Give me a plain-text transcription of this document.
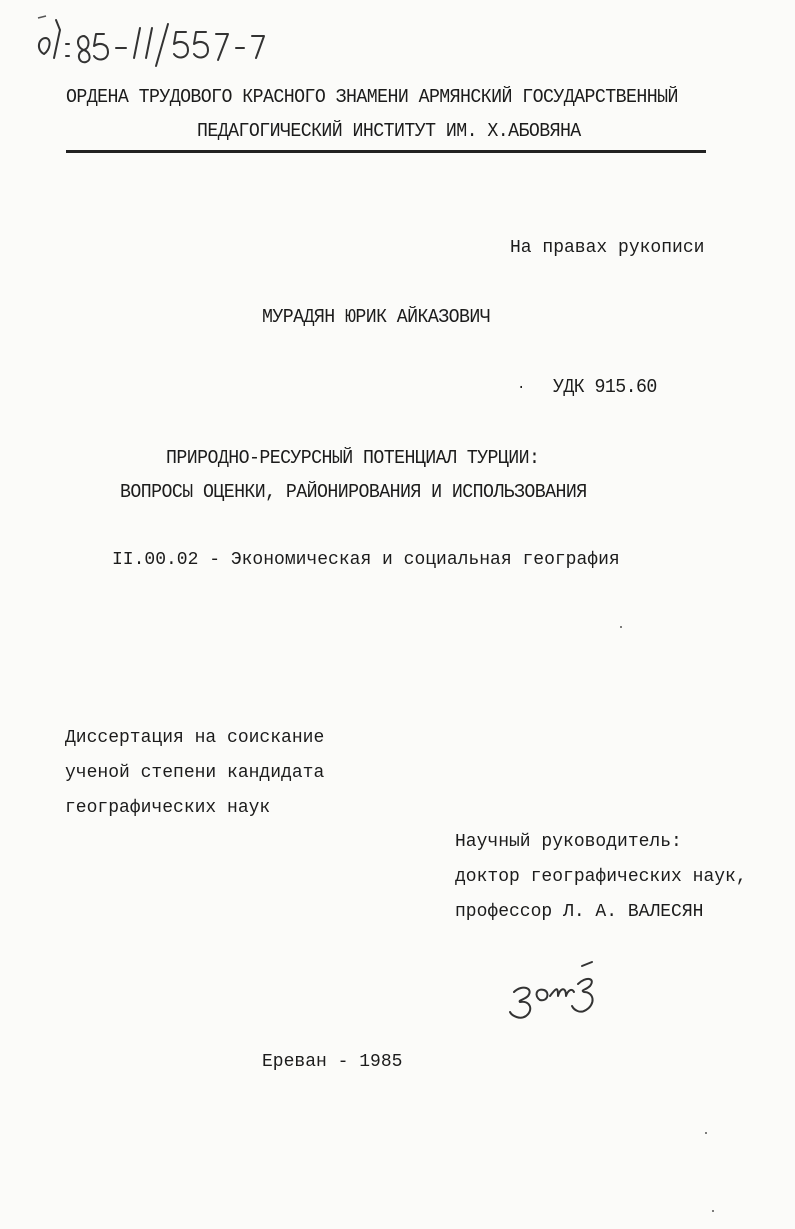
ОРДЕНА ТРУДОВОГО КРАСНОГО ЗНАМЕНИ АРМЯНСКИЙ ГОСУДАРСТВЕННЫЙ
ПЕДАГОГИЧЕСКИЙ ИНСТИТУТ ИМ. Х.АБОВЯНА
На правах рукописи
МУРАДЯН ЮРИК АЙКАЗОВИЧ
· УДК 915.60
ПРИРОДНО-РЕСУРСНЫЙ ПОТЕНЦИАЛ ТУРЦИИ:
ВОПРОСЫ ОЦЕНКИ, РАЙОНИРОВАНИЯ И ИСПОЛЬЗОВАНИЯ
II.00.02 - Экономическая и социальная география
Диссертация на соискание
ученой степени кандидата
географических наук
Научный руководитель:
доктор географических наук,
профессор Л. А. ВАЛЕСЯН
Ереван - 1985
